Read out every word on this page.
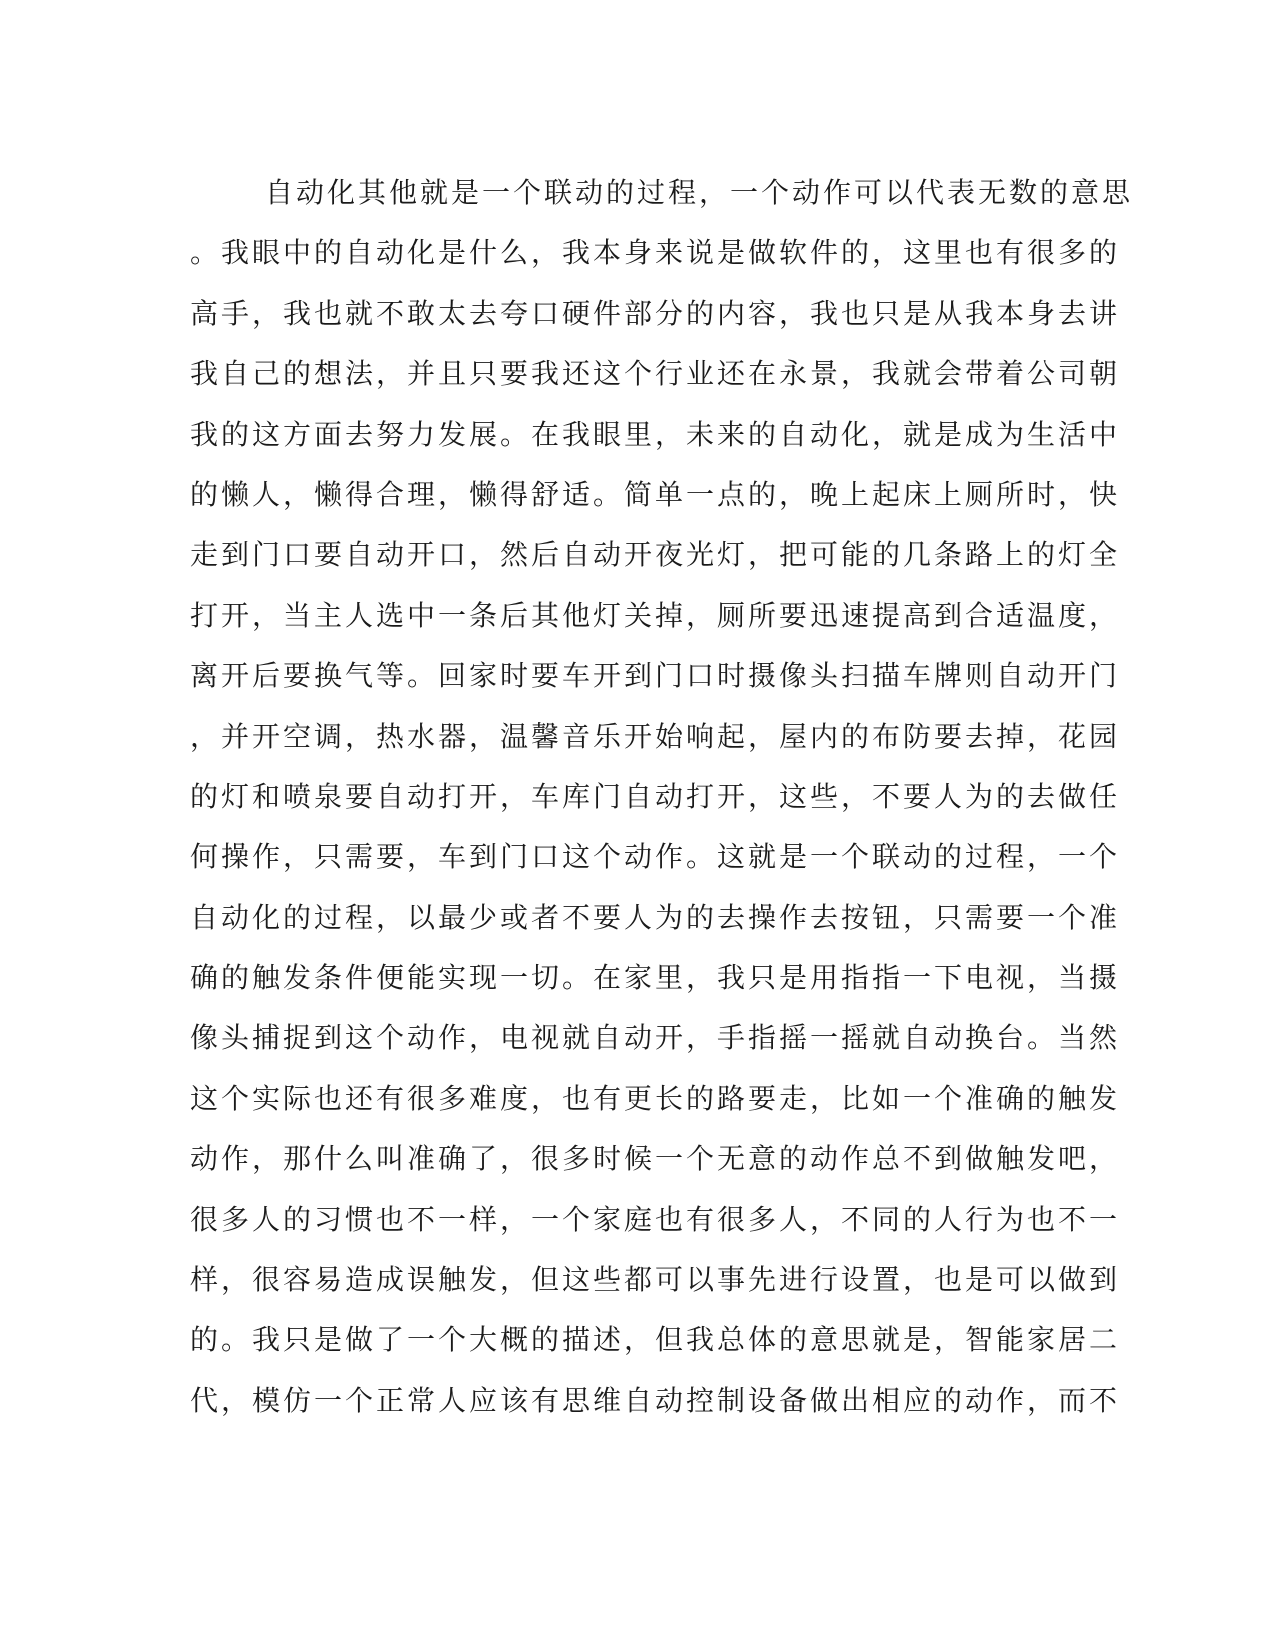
自动化其他就是一个联动的过程，一个动作可以代表无数的意思
。我眼中的自动化是什么，我本身来说是做软件的，这里也有很多的
高手，我也就不敢太去夸口硬件部分的内容，我也只是从我本身去讲
我自己的想法，并且只要我还这个行业还在永景，我就会带着公司朝
我的这方面去努力发展。在我眼里，未来的自动化，就是成为生活中
的懒人，懒得合理，懒得舒适。简单一点的，晚上起床上厕所时，快
走到门口要自动开口，然后自动开夜光灯，把可能的几条路上的灯全
打开，当主人选中一条后其他灯关掉，厕所要迅速提高到合适温度，
离开后要换气等。回家时要车开到门口时摄像头扫描车牌则自动开门
，并开空调，热水器，温馨音乐开始响起，屋内的布防要去掉，花园
的灯和喷泉要自动打开，车库门自动打开，这些，不要人为的去做任
何操作，只需要，车到门口这个动作。这就是一个联动的过程，一个
自动化的过程，以最少或者不要人为的去操作去按钮，只需要一个准
确的触发条件便能实现一切。在家里，我只是用指指一下电视，当摄
像头捕捉到这个动作，电视就自动开，手指摇一摇就自动换台。当然
这个实际也还有很多难度，也有更长的路要走，比如一个准确的触发
动作，那什么叫准确了，很多时候一个无意的动作总不到做触发吧，
很多人的习惯也不一样，一个家庭也有很多人，不同的人行为也不一
样，很容易造成误触发，但这些都可以事先进行设置，也是可以做到
的。我只是做了一个大概的描述，但我总体的意思就是，智能家居二
代，模仿一个正常人应该有思维自动控制设备做出相应的动作，而不
